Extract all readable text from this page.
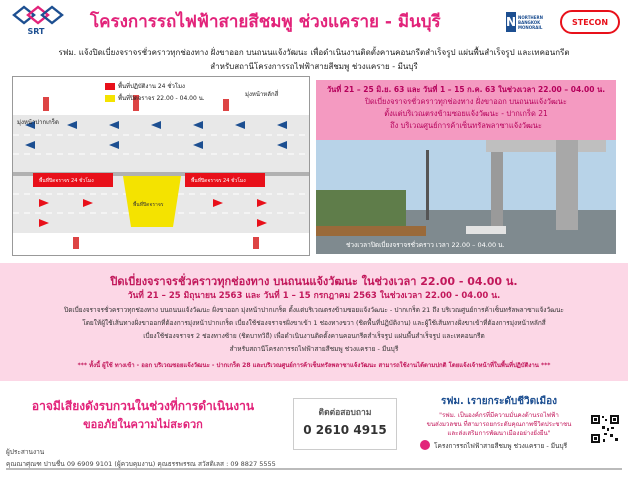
SRT	โครงการรถไฟฟ้าสายสีชมพู ช่วงแคราย - มีนบุรี	N NORTHERN BANGKOK MONORAIL
STECON
รฟม. แจ้งปิดเบี่ยงจราจรชั่วคราวทุกช่องทาง ฝั่งขาออก บนถนนแจ้งวัฒนะ เพื่อดำเนินงานติดตั้งคานคอนกรีตสำเร็จรูป แผ่นพื้นสำเร็จรูป และเทคอนกรีต
สำหรับสถานีโครงการรถไฟฟ้าสายสีชมพู ช่วงแคราย - มีนบุรี
มุ่งหน้าปากเกร็ด
มุ่งหน้าหลักสี่
พื้นที่ปฏิบัติงาน 24 ชั่วโมง
พื้นที่ปิดจราจร 22.00 - 04.00 น.
พื้นที่ปิดจราจร 24 ชั่วโมง	พื้นที่ปิดจราจร 24 ชั่วโมง
พื้นที่ปิดจราจร
วันที่ 21 – 25 มิ.ย. 63 และ วันที่ 1 – 15 ก.ค. 63 ในช่วงเวลา 22.00 – 04.00 น.
ปิดเบี่ยงจราจรชั่วคราวทุกช่องทาง ฝั่งขาออก บนถนนแจ้งวัฒนะ
ตั้งแต่บริเวณตรงข้ามซอยแจ้งวัฒนะ - ปากเกร็ด 21
ถึง บริเวณศูนย์การค้าเซ็นทรัลพลาซาแจ้งวัฒนะ
ช่วงเวลาปิดเบี่ยงจราจรชั่วคราว เวลา 22.00 – 04.00 น.
ปิดเบี่ยงจราจรชั่วคราวทุกช่องทาง บนถนนแจ้งวัฒนะ ในช่วงเวลา 22.00 - 04.00 น.
วันที่ 21 – 25 มิถุนายน 2563 และ วันที่ 1 – 15 กรกฎาคม 2563 ในช่วงเวลา 22.00 - 04.00 น.
ปิดเบี่ยงจราจรชั่วคราวทุกช่องทาง บนถนนแจ้งวัฒนะ ฝั่งขาออก มุ่งหน้าปากเกร็ด ตั้งแต่บริเวณตรงข้ามซอยแจ้งวัฒนะ - ปากเกร็ด 21 ถึง บริเวณศูนย์การค้าเซ็นทรัลพลาซาแจ้งวัฒนะ
โดยให้ผู้ใช้เส้นทางฝั่งขาออกที่ต้องการมุ่งหน้าปากเกร็ด เบี่ยงใช้ช่องจราจรฝั่งขาเข้า 1 ช่องทางขวา (ชิดพื้นที่ปฏิบัติงาน) และผู้ใช้เส้นทางฝั่งขาเข้าที่ต้องการมุ่งหน้าหลักสี่
เบี่ยงใช้ช่องจราจร 2 ช่องทางซ้าย (ชิดบาทวิถี) เพื่อดำเนินงานติดตั้งคานคอนกรีตสำเร็จรูป แผ่นพื้นสำเร็จรูป และเทคอนกรีต
สำหรับสถานีโครงการรถไฟฟ้าสายสีชมพู ช่วงแคราย - มีนบุรี
*** ทั้งนี้ ผู้ใช้ ทางเข้า - ออก บริเวณซอยแจ้งวัฒนะ - ปากเกร็ด 28 และบริเวณศูนย์การค้าเซ็นทรัลพลาซาแจ้งวัฒนะ สามารถใช้งานได้ตามปกติ โดยแจ้งเจ้าหน้าที่ในพื้นที่ปฏิบัติงาน ***
อาจมีเสียงดังรบกวนในช่วงที่การดำเนินงาน
ขออภัยในความไม่สะดวก
ติดต่อสอบถาม
0 2610 4915
รฟม. เรายกระดับชีวิตเมือง
"รฟม. เป็นองค์กรที่มีความมั่นคงด้านรถไฟฟ้า
ขนส่งมวลชน ที่สามารถยกระดับคุณภาพชีวิตประชาชน
และส่งเสริมการพัฒนาเมืองอย่างยั่งยืน"
ผู้ประสานงาน
โครงการรถไฟฟ้าสายสีชมพู ช่วงแคราย - มีนบุรี
คุณณาศุณฑ ปานชื่น 09 6909 9101 (ผู้ควบคุมงาน) คุณธรรพรรณ สวัสดิเลส : 09 8827 5555
